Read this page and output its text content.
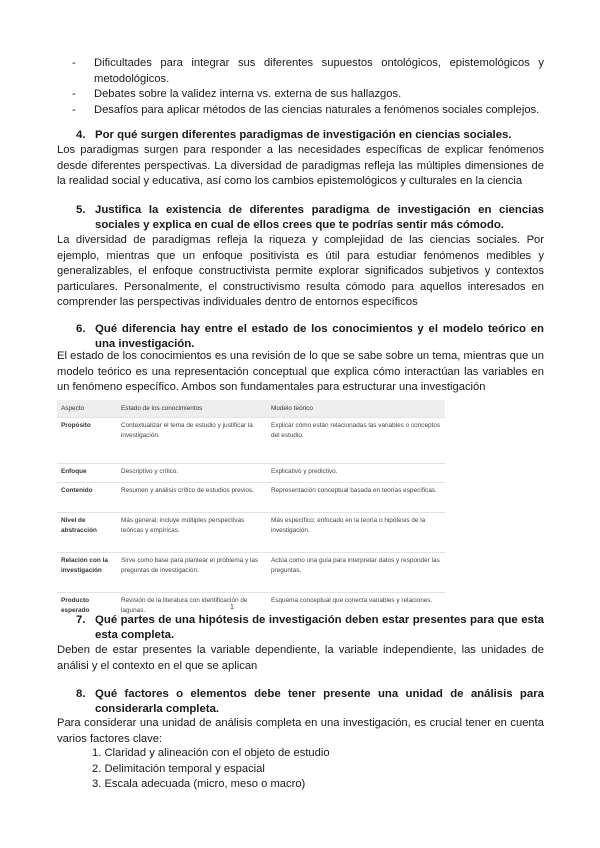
- Dificultades para integrar sus diferentes supuestos ontológicos, epistemológicos y metodológicos.
- Debates sobre la validez interna vs. externa de sus hallazgos.
- Desafíos para aplicar métodos de las ciencias naturales a fenómenos sociales complejos.
4. Por qué surgen diferentes paradigmas de investigación en ciencias sociales.
Los paradigmas surgen para responder a las necesidades específicas de explicar fenómenos desde diferentes perspectivas. La diversidad de paradigmas refleja las múltiples dimensiones de la realidad social y educativa, así como los cambios epistemológicos y culturales en la ciencia
5. Justifica la existencia de diferentes paradigma de investigación en ciencias sociales y explica en cual de ellos crees que te podrías sentir más cómodo.
La diversidad de paradigmas refleja la riqueza y complejidad de las ciencias sociales. Por ejemplo, mientras que un enfoque positivista es útil para estudiar fenómenos medibles y generalizables, el enfoque constructivista permite explorar significados subjetivos y contextos particulares. Personalmente, el constructivismo resulta cómodo para aquellos interesados en comprender las perspectivas individuales dentro de entornos específicos
6. Qué diferencia hay entre el estado de los conocimientos y el modelo teórico en una investigación.
El estado de los conocimientos es una revisión de lo que se sabe sobre un tema, mientras que un modelo teórico es una representación conceptual que explica cómo interactúan las variables en un fenómeno específico. Ambos son fundamentales para estructurar una investigación
Aspecto	Estado de los conocimientos	Modelo teórico
Propósito	Contextualizar el tema de estudio y justificar la investigación.	Explicar cómo están relacionadas las variables o conceptos del estudio.
Enfoque	Descriptivo y crítico.	Explicativo y predictivo.
Contenido	Resumen y análisis crítico de estudios previos.	Representación conceptual basada en teorías específicas.
Nivel de abstracción	Más general; incluye múltiples perspectivas teóricas y empíricas.	Más específico; enfocado en la teoría o hipótesis de la investigación.
Relación con la investigación	Sirve como base para plantear el problema y las preguntas de investigación.	Actúa como una guía para interpretar datos y responder las preguntas.
Producto esperado	Revisión de la literatura con identificación de lagunas.	Esquema conceptual que conecta variables y relaciones.
1
7. Qué partes de una hipótesis de investigación deben estar presentes para que esta esta completa.
Deben de estar presentes la variable dependiente, la variable independiente, las unidades de análisi y el contexto en el que se aplican
8. Qué factores o elementos debe tener presente una unidad de análisis para considerarla completa.
Para considerar una unidad de análisis completa en una investigación, es crucial tener en cuenta varios factores clave:
1. Claridad y alineación con el objeto de estudio
2. Delimitación temporal y espacial
3. Escala adecuada (micro, meso o macro)
